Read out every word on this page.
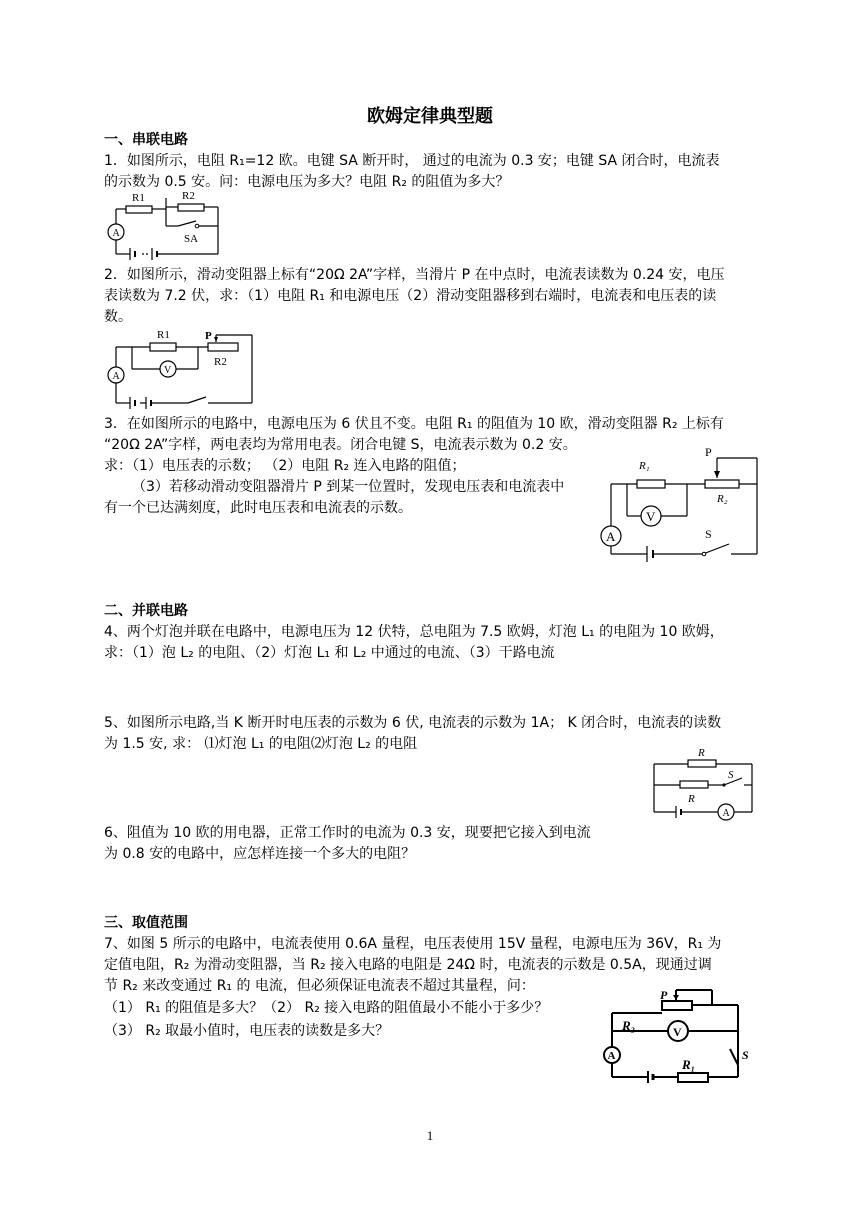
欧姆定律典型题
一、串联电路
1．如图所示，电阻 R₁=12 欧。电键 SA 断开时， 通过的电流为 0.3 安；电键 SA 闭合时，电流表
的示数为 0.5 安。问：电源电压为多大？电阻 R₂ 的阻值为多大？
R1	R2
SA
A
2．如图所示，滑动变阻器上标有“20Ω 2A”字样，当滑片 P 在中点时，电流表读数为 0.24 安，电压
表读数为 7.2 伏，求：（1）电阻 R₁ 和电源电压（2）滑动变阻器移到右端时，电流表和电压表的读
数。
R1	P
R2
V
A
3．在如图所示的电路中，电源电压为 6 伏且不变。电阻 R₁ 的阻值为 10 欧，滑动变阻器 R₂ 上标有
“20Ω 2A”字样，两电表均为常用电表。闭合电键 S，电流表示数为 0.2 安。
求：（1）电压表的示数； （2）电阻 R₂ 连入电路的阻值；
（3）若移动滑动变阻器滑片 P 到某一位置时，发现电压表和电流表中
有一个已达满刻度，此时电压表和电流表的示数。
R₁
P
R₂
V
A	S
二、并联电路
4、两个灯泡并联在电路中，电源电压为 12 伏特，总电阻为 7.5 欧姆，灯泡 L₁ 的电阻为 10 欧姆，
求：（1）泡 L₂ 的电阻、（2）灯泡 L₁ 和 L₂ 中通过的电流、（3）干路电流
5、如图所示电路,当 K 断开时电压表的示数为 6 伏, 电流表的示数为 1A； K 闭合时，电流表的读数
为 1.5 安, 求： ⑴灯泡 L₁ 的电阻⑵灯泡 L₂ 的电阻
R
R
S
A
6、阻值为 10 欧的用电器，正常工作时的电流为 0.3 安，现要把它接入到电流
为 0.8 安的电路中，应怎样连接一个多大的电阻？
三、取值范围
7、如图 5 所示的电路中，电流表使用 0.6A 量程，电压表使用 15V 量程，电源电压为 36V，R₁ 为
定值电阻，R₂ 为滑动变阻器，当 R₂ 接入电路的电阻是 24Ω 时，电流表的示数是 0.5A，现通过调
节 R₂ 来改变通过 R₁ 的 电流，但必须保证电流表不超过其量程，问：
（1） R₁ 的阻值是多大？（2） R₂ 接入电路的阻值最小不能小于多少？
（3） R₂ 取最小值时，电压表的读数是多大？
P
R₂	V
A
R₁
S
1
